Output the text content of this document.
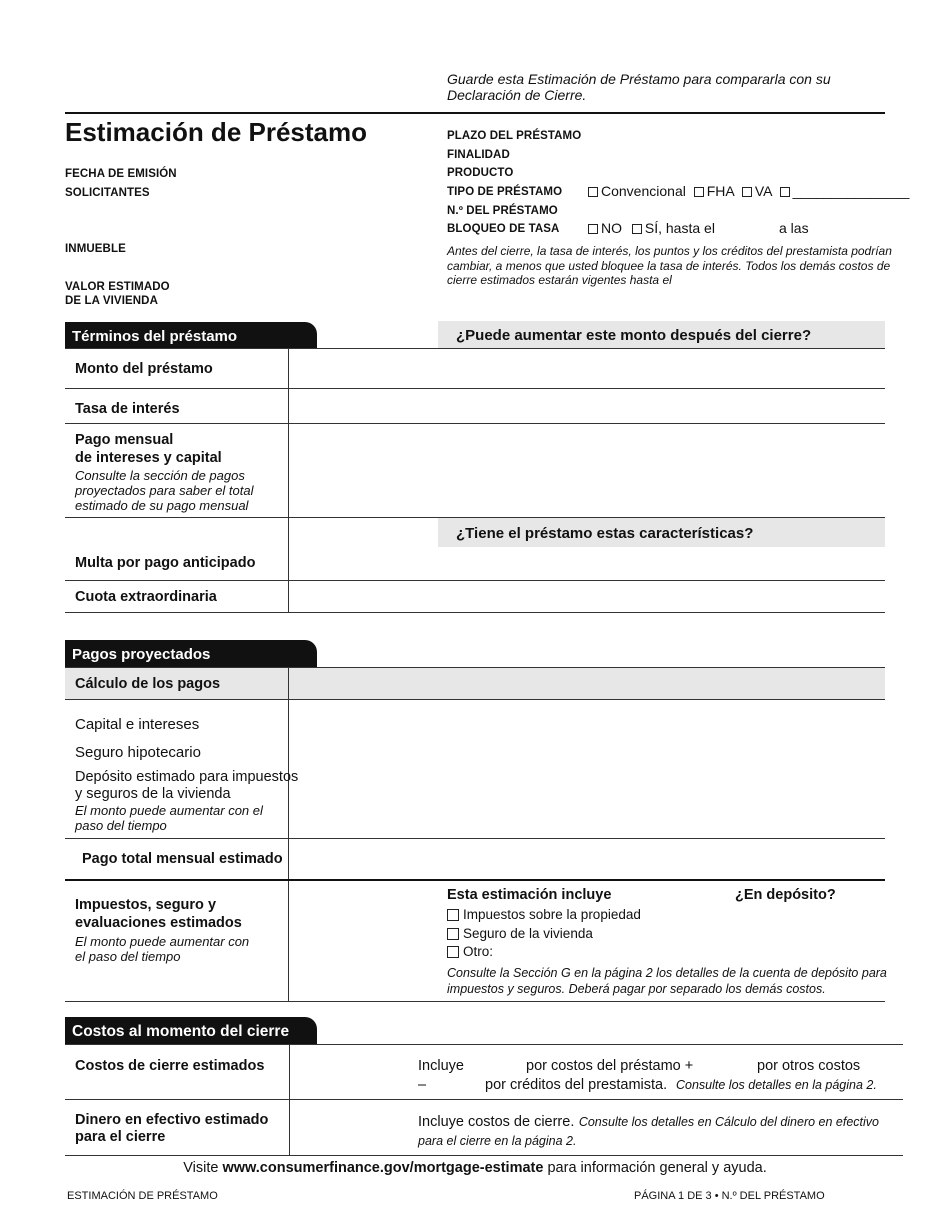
Guarde esta Estimación de Préstamo para compararla con su
Declaración de Cierre.
Estimación de Préstamo
FECHA DE EMISIÓN
SOLICITANTES
INMUEBLE
VALOR ESTIMADO
DE LA VIVIENDA
PLAZO DEL PRÉSTAMO
FINALIDAD
PRODUCTO
TIPO DE PRÉSTAMO	Convencional FHA VA _______________
N.º DEL PRÉSTAMO
BLOQUEO DE TASA	NO SÍ, hasta el	a las
Antes del cierre, la tasa de interés, los puntos y los créditos del prestamista podrían
cambiar, a menos que usted bloquee la tasa de interés. Todos los demás costos de
cierre estimados estarán vigentes hasta el
Términos del préstamo	¿Puede aumentar este monto después del cierre?
Monto del préstamo
Tasa de interés
Pago mensual
de intereses y capital
Consulte la sección de pagos
proyectados para saber el total
estimado de su pago mensual
¿Tiene el préstamo estas características?
Multa por pago anticipado
Cuota extraordinaria
Pagos proyectados
Cálculo de los pagos
Capital e intereses
Seguro hipotecario
Depósito estimado para impuestos
y seguros de la vivienda
El monto puede aumentar con el
paso del tiempo
Pago total mensual estimado
Impuestos, seguro y
evaluaciones estimados
El monto puede aumentar con
el paso del tiempo
Esta estimación incluye	¿En depósito?
Impuestos sobre la propiedad
Seguro de la vivienda
Otro:
Consulte la Sección G en la página 2 los detalles de la cuenta de depósito para
impuestos y seguros. Deberá pagar por separado los demás costos.
Costos al momento del cierre
Costos de cierre estimados	Incluye	por costos del préstamo +	por otros costos
–	por créditos del prestamista. Consulte los detalles en la página 2.
Dinero en efectivo estimado
para el cierre
Incluye costos de cierre. Consulte los detalles en Cálculo del dinero en efectivo
para el cierre en la página 2.
Visite www.consumerfinance.gov/mortgage-estimate para información general y ayuda.
ESTIMACIÓN DE PRÉSTAMO	PÁGINA 1 DE 3 • N.º DEL PRÉSTAMO
